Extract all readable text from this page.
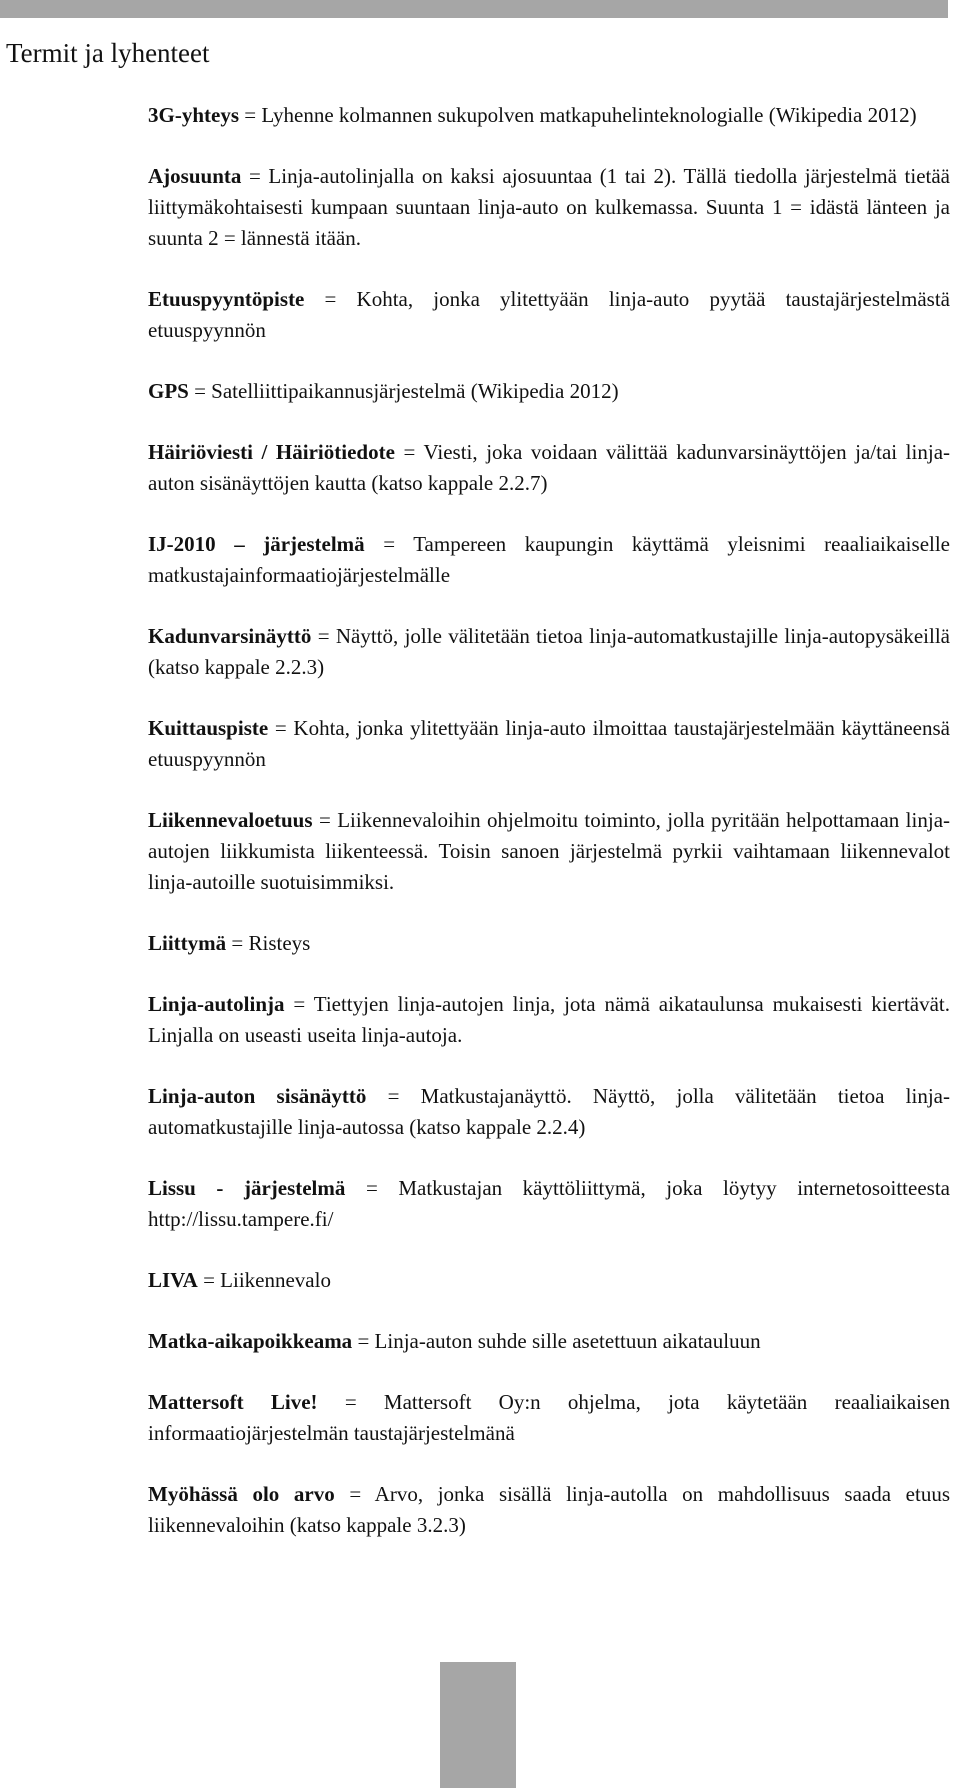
Termit ja lyhenteet

3G-yhteys = Lyhenne kolmannen sukupolven matkapuhelinteknologialle (Wikipedia 2012)

Ajosuunta = Linja-autolinjalla on kaksi ajosuuntaa (1 tai 2). Tällä tiedolla järjestelmä tietää liittymäkohtaisesti kumpaan suuntaan linja-auto on kulkemassa. Suunta 1 = idästä länteen ja suunta 2 = lännestä itään.

Etuuspyyntöpiste = Kohta, jonka ylitettyään linja-auto pyytää taustajärjestelmästä etuuspyynnön

GPS = Satelliittipaikannusjärjestelmä (Wikipedia 2012)

Häiriöviesti / Häiriötiedote = Viesti, joka voidaan välittää kadunvarsinäyttöjen ja/tai linja-auton sisänäyttöjen kautta (katso kappale 2.2.7)

IJ-2010 – järjestelmä = Tampereen kaupungin käyttämä yleisnimi reaaliaikaiselle matkustajainformaatiojärjestelmälle

Kadunvarsinäyttö = Näyttö, jolle välitetään tietoa linja-automatkustajille linja-autopysäkeillä (katso kappale 2.2.3)

Kuittauspiste = Kohta, jonka ylitettyään linja-auto ilmoittaa taustajärjestelmään käyttäneensä etuuspyynnön

Liikennevaloetuus = Liikennevaloihin ohjelmoitu toiminto, jolla pyritään helpottamaan linja-autojen liikkumista liikenteessä. Toisin sanoen järjestelmä pyrkii vaihtamaan liikennevalot linja-autoille suotuisimmiksi.

Liittymä = Risteys

Linja-autolinja = Tiettyjen linja-autojen linja, jota nämä aikataulunsa mukaisesti kiertävät. Linjalla on useasti useita linja-autoja.

Linja-auton sisänäyttö = Matkustajanäyttö. Näyttö, jolla välitetään tietoa linja-automatkustajille linja-autossa (katso kappale 2.2.4)

Lissu - järjestelmä = Matkustajan käyttöliittymä, joka löytyy internetosoitteesta http://lissu.tampere.fi/

LIVA = Liikennevalo

Matka-aikapoikkeama = Linja-auton suhde sille asetettuun aikatauluun

Mattersoft Live! = Mattersoft Oy:n ohjelma, jota käytetään reaaliaikaisen informaatiojärjestelmän taustajärjestelmänä

Myöhässä olo arvo = Arvo, jonka sisällä linja-autolla on mahdollisuus saada etuus liikennevaloihin (katso kappale 3.2.3)
